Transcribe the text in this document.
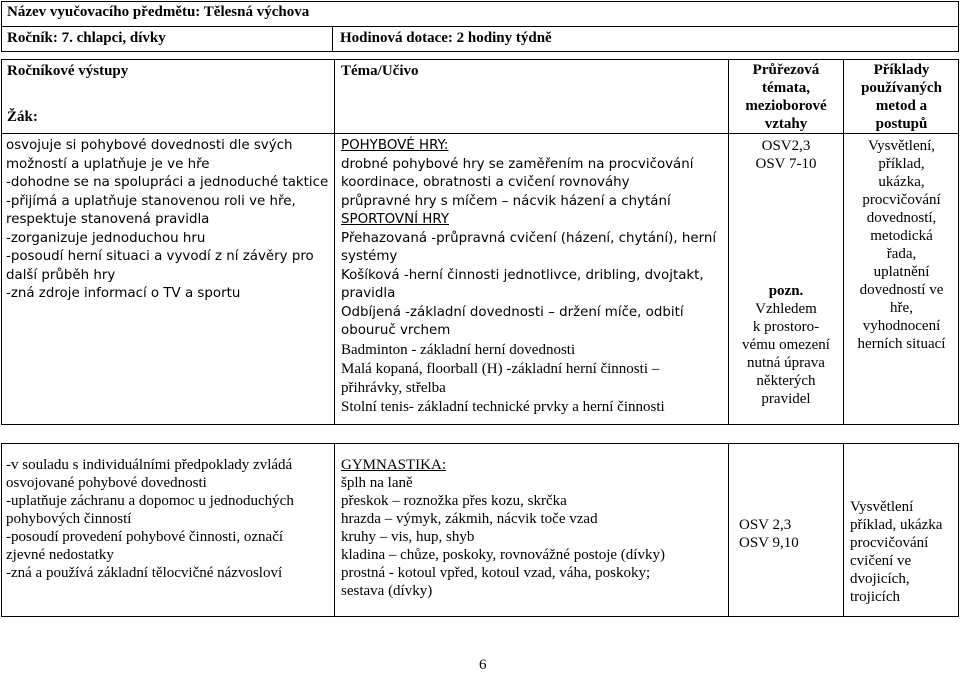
Název vyučovacího předmětu: Tělesná výchova
Ročník: 7. chlapci, dívky	Hodinová dotace: 2 hodiny týdně
Ročníkové výstupy
Žák:
Téma/Učivo	Průřezová
témata,
mezioborové
vztahy
Příklady
používaných
metod a
postupů
osvojuje si pohybové dovednosti dle svých
možností a uplatňuje je ve hře
-dohodne se na spolupráci a jednoduché taktice
-přijímá a uplatňuje stanovenou roli ve hře,
respektuje stanovená pravidla
-zorganizuje jednoduchou hru
-posoudí herní situaci a vyvodí z ní závěry pro
další průběh hry
-zná zdroje informací o TV a sportu
POHYBOVÉ HRY:
drobné pohybové hry se zaměřením na procvičování
koordinace, obratnosti a cvičení rovnováhy
průpravné hry s míčem – nácvik házení a chytání
SPORTOVNÍ HRY
Přehazovaná -průpravná cvičení (házení, chytání), herní
systémy
Košíková -herní činnosti jednotlivce, dribling, dvojtakt,
pravidla
Odbíjená -základní dovednosti – držení míče, odbití
obouruč vrchem
Badminton - základní herní dovednosti
Malá kopaná, floorball (H) -základní herní činnosti –
přihrávky, střelba
Stolní tenis- základní technické prvky a herní činnosti
OSV2,3
OSV 7-10
pozn.
Vzhledem
k prostoro-
vému omezení
nutná úprava
některých
pravidel
Vysvětlení,
příklad,
ukázka,
procvičování
dovedností,
metodická
řada,
uplatnění
dovedností ve
hře,
vyhodnocení
herních situací
-v souladu s individuálními předpoklady zvládá
osvojované pohybové dovednosti
-uplatňuje záchranu a dopomoc u jednoduchých
pohybových činností
-posoudí provedení pohybové činnosti, označí
zjevné nedostatky
-zná a používá základní tělocvičné názvosloví
GYMNASTIKA:
šplh na laně
přeskok – roznožka přes kozu, skrčka
hrazda – výmyk, zákmih, nácvik toče vzad
kruhy – vis, hup, shyb
kladina – chůze, poskoky, rovnovážné postoje (dívky)
prostná - kotoul vpřed, kotoul vzad, váha, poskoky;
sestava (dívky)
OSV 2,3
OSV 9,10
Vysvětlení
příklad, ukázka
procvičování
cvičení ve
dvojicích,
trojicích
6
